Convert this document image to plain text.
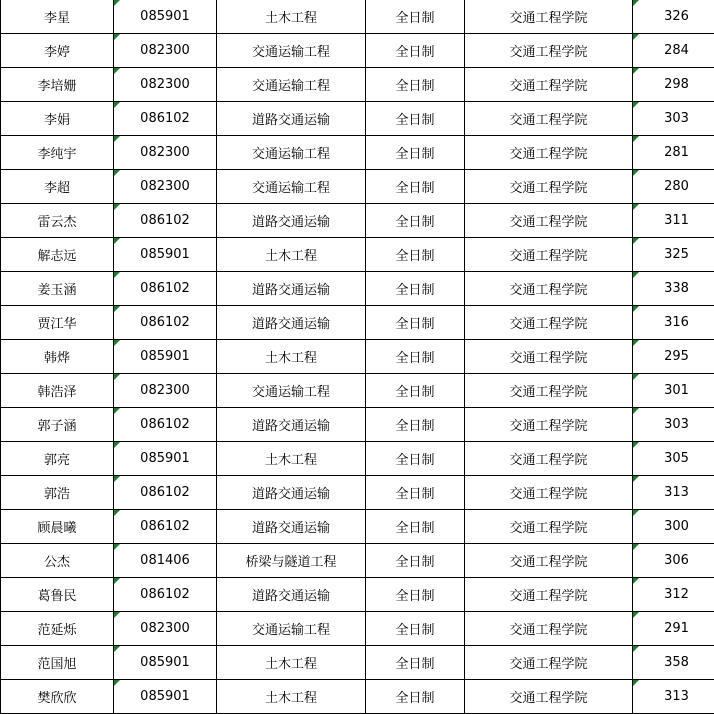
李星	085901	土木工程	全日制	交通工程学院	326
李婷	082300	交通运输工程	全日制	交通工程学院	284
李培姗	082300	交通运输工程	全日制	交通工程学院	298
李娟	086102	道路交通运输	全日制	交通工程学院	303
李纯宇	082300	交通运输工程	全日制	交通工程学院	281
李超	082300	交通运输工程	全日制	交通工程学院	280
雷云杰	086102	道路交通运输	全日制	交通工程学院	311
解志远	085901	土木工程	全日制	交通工程学院	325
姜玉涵	086102	道路交通运输	全日制	交通工程学院	338
贾江华	086102	道路交通运输	全日制	交通工程学院	316
韩烨	085901	土木工程	全日制	交通工程学院	295
韩浩泽	082300	交通运输工程	全日制	交通工程学院	301
郭子涵	086102	道路交通运输	全日制	交通工程学院	303
郭亮	085901	土木工程	全日制	交通工程学院	305
郭浩	086102	道路交通运输	全日制	交通工程学院	313
顾晨曦	086102	道路交通运输	全日制	交通工程学院	300
公杰	081406	桥梁与隧道工程	全日制	交通工程学院	306
葛鲁民	086102	道路交通运输	全日制	交通工程学院	312
范延烁	082300	交通运输工程	全日制	交通工程学院	291
范国旭	085901	土木工程	全日制	交通工程学院	358
樊欣欣	085901	土木工程	全日制	交通工程学院	313
